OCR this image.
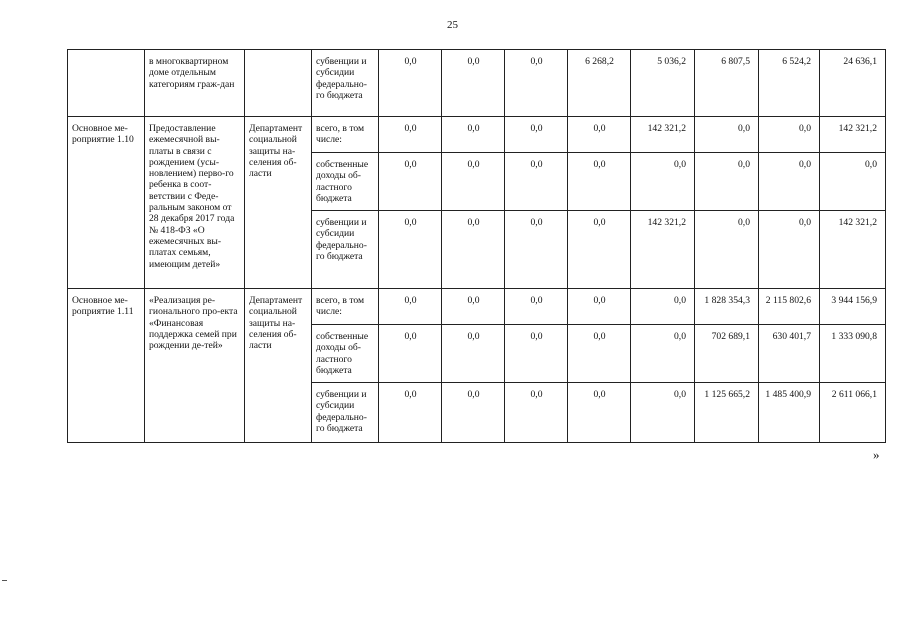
25
	в многоквартирном доме отдельным категориям граж-дан		субвенции и субсидии федерально-го бюджета	0,0	0,0	0,0	6 268,2	5 036,2	6 807,5	6 524,2	24 636,1
Основное ме-роприятие 1.10	Предоставление ежемесячной вы-платы в связи с рождением (усы-новлением) перво-го ребенка в соот-ветствии с Феде-ральным законом от 28 декабря 2017 года № 418-ФЗ «О ежемесячных вы-платах семьям, имеющим детей»	Департамент социальной защиты на-селения об-ласти	всего, в том числе:	0,0	0,0	0,0	0,0	142 321,2	0,0	0,0	142 321,2
			собственные доходы об-ластного бюджета	0,0	0,0	0,0	0,0	0,0	0,0	0,0	0,0
			субвенции и субсидии федерально-го бюджета	0,0	0,0	0,0	0,0	142 321,2	0,0	0,0	142 321,2
Основное ме-роприятие 1.11	«Реализация ре-гионального про-екта «Финансовая поддержка семей при рождении де-тей»	Департамент социальной защиты на-селения об-ласти	всего, в том числе:	0,0	0,0	0,0	0,0	0,0	1 828 354,3	2 115 802,6	3 944 156,9
			собственные доходы об-ластного бюджета	0,0	0,0	0,0	0,0	0,0	702 689,1	630 401,7	1 333 090,8
			субвенции и субсидии федерально-го бюджета	0,0	0,0	0,0	0,0	0,0	1 125 665,2	1 485 400,9	2 611 066,1
»
